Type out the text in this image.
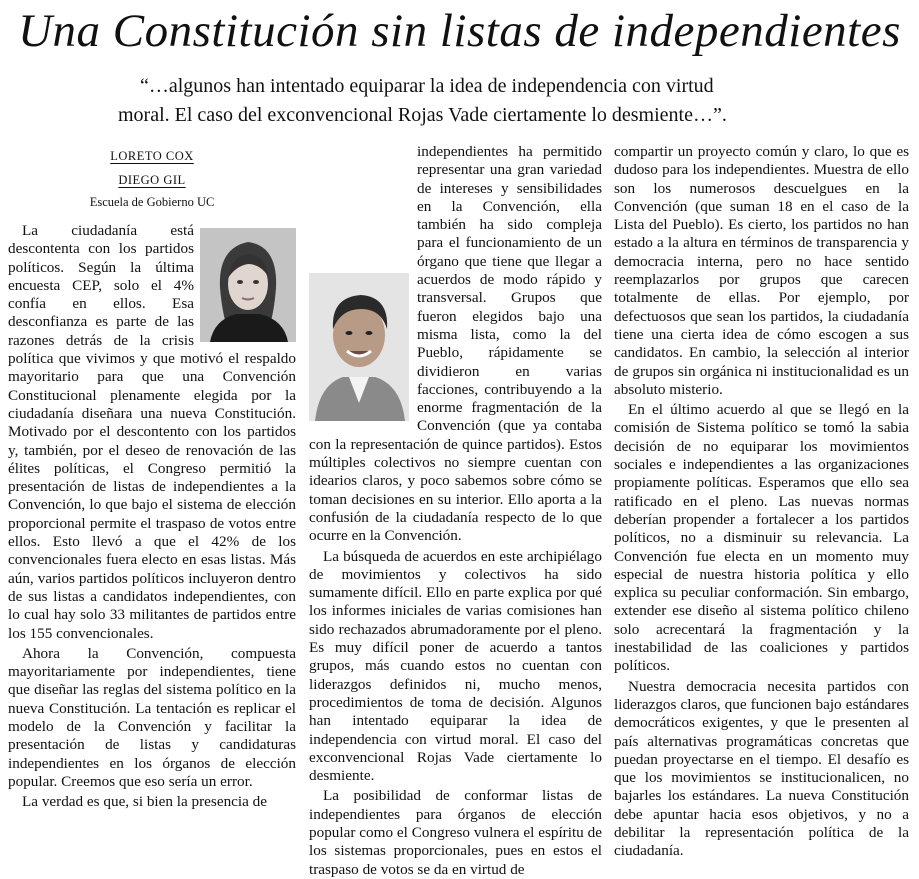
Una Constitución sin listas de independientes
“…algunos han intentado equiparar la idea de independencia con virtud
moral. El caso del exconvencional Rojas Vade ciertamente lo desmiente…”.
LORETO COX
DIEGO GIL
Escuela de Gobierno UC

La ciudadanía está descontenta con los partidos políticos. Según la última encuesta CEP, solo el 4% confía en ellos. Esa desconfianza es parte de las razones detrás de la crisis política que vivimos y que motivó el respaldo mayoritario para que una Convención Constitucional plenamente elegida por la ciudadanía diseñara una nueva Constitución. Motivado por el descontento con los partidos y, también, por el deseo de renovación de las élites políticas, el Congreso permitió la presentación de listas de independientes a la Convención, lo que bajo el sistema de elección proporcional permite el traspaso de votos entre ellos. Esto llevó a que el 42% de los convencionales fuera electo en esas listas. Más aún, varios partidos políticos incluyeron dentro de sus listas a candidatos independientes, con lo cual hay solo 33 militantes de partidos entre los 155 convencionales.

Ahora la Convención, compuesta mayoritariamente por independientes, tiene que diseñar las reglas del sistema político en la nueva Constitución. La tentación es replicar el modelo de la Convención y facilitar la presentación de listas y candidaturas independientes en los órganos de elección popular. Creemos que eso sería un error.

La verdad es que, si bien la presencia de

independientes ha permitido representar una gran variedad de intereses y sensibilidades en la Convención, ella también ha sido compleja para el funcionamiento de un órgano que tiene que llegar a acuerdos de modo rápido y transversal. Grupos que fueron elegidos bajo una misma lista, como la del Pueblo, rápidamente se dividieron en varias facciones, contribuyendo a la enorme fragmentación de la Convención (que ya contaba con la representación de quince partidos). Estos múltiples colectivos no siempre cuentan con idearios claros, y poco sabemos sobre cómo se toman decisiones en su interior. Ello aporta a la confusión de la ciudadanía respecto de lo que ocurre en la Convención.

La búsqueda de acuerdos en este archipiélago de movimientos y colectivos ha sido sumamente difícil. Ello en parte explica por qué los informes iniciales de varias comisiones han sido rechazados abrumadoramente por el pleno. Es muy difícil poner de acuerdo a tantos grupos, más cuando estos no cuentan con liderazgos definidos ni, mucho menos, procedimientos de toma de decisión. Algunos han intentado equiparar la idea de independencia con virtud moral. El caso del exconvencional Rojas Vade ciertamente lo desmiente.

La posibilidad de conformar listas de independientes para órganos de elección popular como el Congreso vulnera el espíritu de los sistemas proporcionales, pues en estos el traspaso de votos se da en virtud de

compartir un proyecto común y claro, lo que es dudoso para los independientes. Muestra de ello son los numerosos descuelgues en la Convención (que suman 18 en el caso de la Lista del Pueblo). Es cierto, los partidos no han estado a la altura en términos de transparencia y democracia interna, pero no hace sentido reemplazarlos por grupos que carecen totalmente de ellas. Por ejemplo, por defectuosos que sean los partidos, la ciudadanía tiene una cierta idea de cómo escogen a sus candidatos. En cambio, la selección al interior de grupos sin orgánica ni institucionalidad es un absoluto misterio.

En el último acuerdo al que se llegó en la comisión de Sistema político se tomó la sabia decisión de no equiparar los movimientos sociales e independientes a las organizaciones propiamente políticas. Esperamos que ello sea ratificado en el pleno. Las nuevas normas deberían propender a fortalecer a los partidos políticos, no a disminuir su relevancia. La Convención fue electa en un momento muy especial de nuestra historia política y ello explica su peculiar conformación. Sin embargo, extender ese diseño al sistema político chileno solo acrecentará la fragmentación y la inestabilidad de las coaliciones y partidos políticos.

Nuestra democracia necesita partidos con liderazgos claros, que funcionen bajo estándares democráticos exigentes, y que le presenten al país alternativas programáticas concretas que puedan proyectarse en el tiempo. El desafío es que los movimientos se institucionalicen, no bajarles los estándares. La nueva Constitución debe apuntar hacia esos objetivos, y no a debilitar la representación política de la ciudadanía.
